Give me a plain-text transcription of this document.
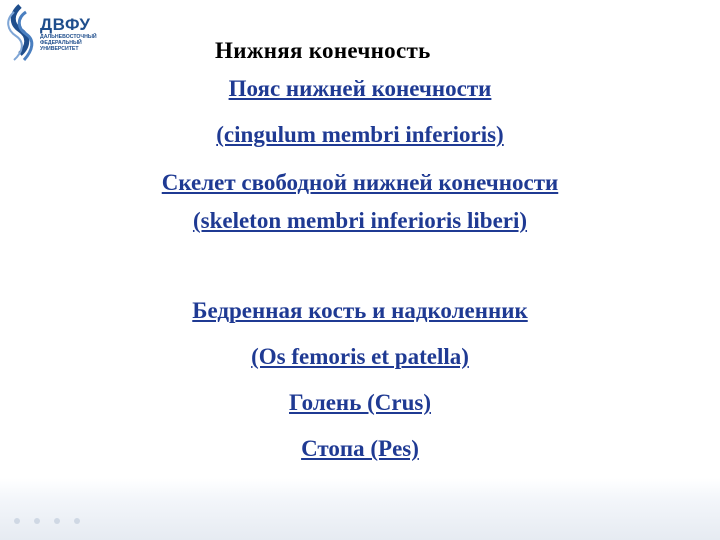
ДВФУ
ДАЛЬНЕВОСТОЧНЫЙ ФЕДЕРАЛЬНЫЙ УНИВЕРСИТЕТ	Нижняя конечность
Пояс нижней конечности
(cingulum membri inferioris)
Скелет свободной нижней конечности
(skeleton membri inferioris liberi)
Бедренная кость и надколенник
(Os femoris et patella)
Голень (Crus)
Стопа (Pes)
